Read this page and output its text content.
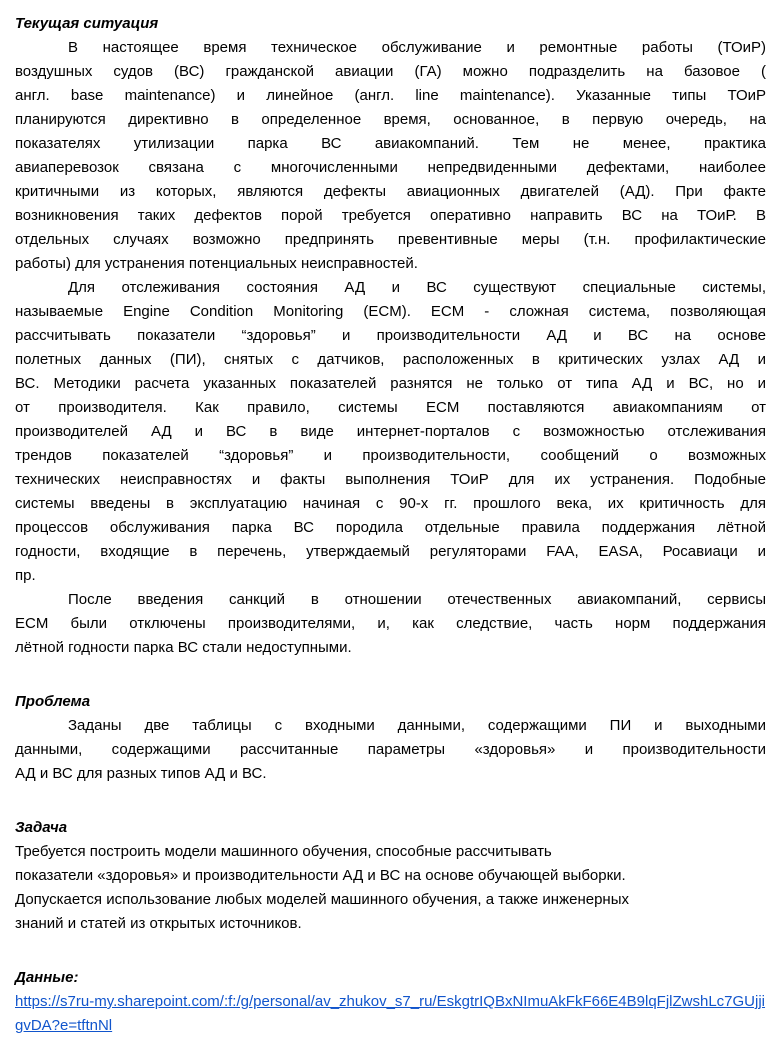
Текущая ситуация
В настоящее время техническое обслуживание и ремонтные работы (ТОиР)
воздушных судов (ВС) гражданской авиации (ГА) можно подразделить на базовое (
англ. base maintenance) и линейное (англ. line maintenance). Указанные типы ТОиР
планируются директивно в определенное время, основанное, в первую очередь, на
показателях утилизации парка ВС авиакомпаний. Тем не менее, практика
авиаперевозок связана с многочисленными непредвиденными дефектами, наиболее
критичными из которых, являются дефекты авиационных двигателей (АД). При факте
возникновения таких дефектов порой требуется оперативно направить ВС на ТОиР. В
отдельных случаях возможно предпринять превентивные меры (т.н. профилактические
работы) для устранения потенциальных неисправностей.
Для отслеживания состояния АД и ВС существуют специальные системы,
называемые Engine Condition Monitoring (ECM). ECM - сложная система, позволяющая
рассчитывать показатели “здоровья” и производительности АД и ВС на основе
полетных данных (ПИ), снятых с датчиков, расположенных в критических узлах АД и
ВС. Методики расчета указанных показателей разнятся не только от типа АД и ВС, но и
от производителя. Как правило, системы ECM поставляются авиакомпаниям от
производителей АД и ВС в виде интернет-порталов с возможностью отслеживания
трендов показателей “здоровья” и производительности, сообщений о возможных
технических неисправностях и факты выполнения ТОиР для их устранения. Подобные
системы введены в эксплуатацию начиная с 90-х гг. прошлого века, их критичность для
процессов обслуживания парка ВС породила отдельные правила поддержания лётной
годности, входящие в перечень, утверждаемый регуляторами FAA, EASA, Росавиаци и
пр.
После введения санкций в отношении отечественных авиакомпаний, сервисы
ECM были отключены производителями, и, как следствие, часть норм поддержания
лётной годности парка ВС стали недоступными.
Проблема
Заданы две таблицы с входными данными, содержащими ПИ и выходными
данными, содержащими рассчитанные параметры «здоровья» и производительности
АД и ВС для разных типов АД и ВС.
Задача
Требуется построить модели машинного обучения, способные рассчитывать
показатели «здоровья» и производительности АД и ВС на основе обучающей выборки.
Допускается использование любых моделей машинного обучения, а также инженерных
знаний и статей из открытых источников.
Данные:
https://s7ru-my.sharepoint.com/:f:/g/personal/av_zhukov_s7_ru/EskgtrIQBxNImuAkFkF66E4B9lqFjlZwshLc7GUjjigvDA?e=tftnNl
